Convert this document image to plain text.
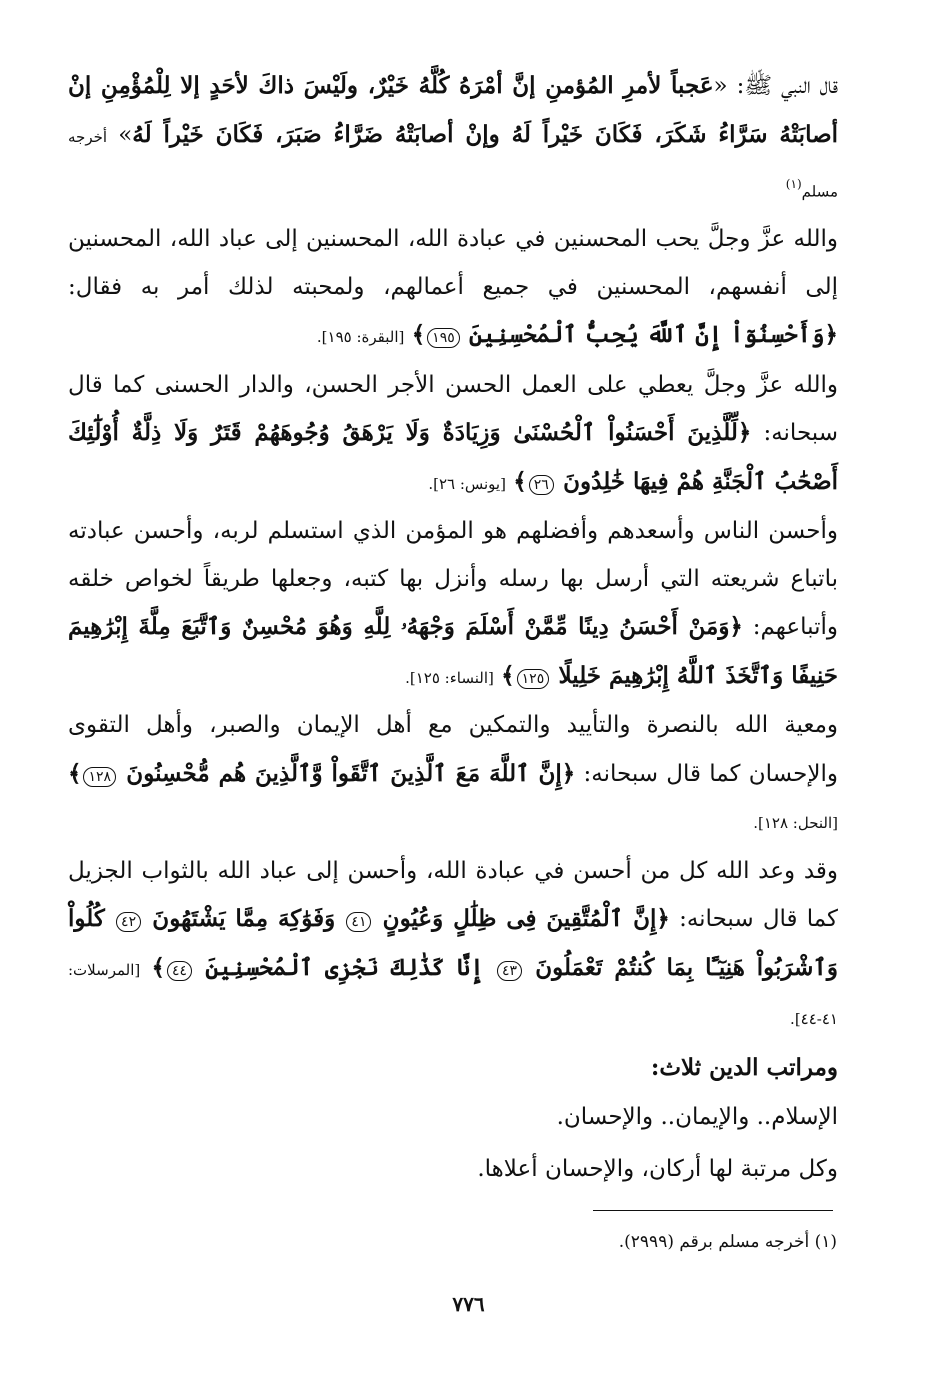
قال النبي ﷺ: «عَجباً لأمرِ المُؤمنِ إنَّ أمْرَهُ كُلَّهُ خَيْرٌ، ولَيْسَ ذاكَ لأحَدٍ إلا لِلْمُؤْمِنِ إنْ أصابَتْهُ سَرَّاءُ شَكَرَ، فَكَانَ خَيْراً لَهُ وإنْ أصابَتْهُ ضَرَّاءُ صَبَرَ، فَكَانَ خَيْراً لَهُ» أخرجه مسلم$^{(١)}$

والله عزَّ وجلَّ يحب المحسنين في عبادة الله، المحسنين إلى عباد الله، المحسنين إلى أنفسهم، المحسنين في جميع أعمالهم، ولمحبته لذلك أمر به فقال: ﴿وَأَحْسِنُوٓاْ إِنَّ ٱللَّهَ يُحِبُّ ٱلْمُحْسِنِينَ ١٩٥﴾ [البقرة: ١٩٥].

والله عزَّ وجلَّ يعطي على العمل الحسن الأجر الحسن، والدار الحسنى كما قال سبحانه: ﴿لِّلَّذِينَ أَحْسَنُواْ ٱلْحُسْنَىٰ وَزِيَادَةٌ وَلَا يَرْهَقُ وُجُوهَهُمْ قَتَرٌ وَلَا ذِلَّةٌ أُوْلَٰٓئِكَ أَصْحَٰبُ ٱلْجَنَّةِ هُمْ فِيهَا خَٰلِدُونَ ٢٦﴾ [يونس: ٢٦].

وأحسن الناس وأسعدهم وأفضلهم هو المؤمن الذي استسلم لربه، وأحسن عبادته باتباع شريعته التي أرسل بها رسله وأنزل بها كتبه، وجعلها طريقاً لخواص خلقه وأتباعهم: ﴿وَمَنْ أَحْسَنُ دِينًا مِّمَّنْ أَسْلَمَ وَجْهَهُۥ لِلَّهِ وَهُوَ مُحْسِنٌ وَٱتَّبَعَ مِلَّةَ إِبْرَٰهِيمَ حَنِيفًا وَٱتَّخَذَ ٱللَّهُ إِبْرَٰهِيمَ خَلِيلًا ١٢٥﴾ [النساء: ١٢٥].

ومعية الله بالنصرة والتأييد والتمكين مع أهل الإيمان والصبر، وأهل التقوى والإحسان كما قال سبحانه: ﴿إِنَّ ٱللَّهَ مَعَ ٱلَّذِينَ ٱتَّقَواْ وَّٱلَّذِينَ هُم مُّحْسِنُونَ ١٢٨﴾ [النحل: ١٢٨].

وقد وعد الله كل من أحسن في عبادة الله، وأحسن إلى عباد الله بالثواب الجزيل كما قال سبحانه: ﴿إِنَّ ٱلْمُتَّقِينَ فِى ظِلَٰلٍ وَعُيُونٍ ٤١ وَفَوَٰكِهَ مِمَّا يَشْتَهُونَ ٤٢ كُلُواْ وَٱشْرَبُواْ هَنِيٓـًٔا بِمَا كُنتُمْ تَعْمَلُونَ ٤٣ إِنَّا كَذَٰلِكَ نَجْزِى ٱلْمُحْسِنِينَ ٤٤﴾ [المرسلات: ٤١-٤٤].

ومراتب الدين ثلاث:

الإسلام.. والإيمان.. والإحسان.

وكل مرتبة لها أركان، والإحسان أعلاها.

(١) أخرجه مسلم برقم (٢٩٩٩).

٧٧٦
